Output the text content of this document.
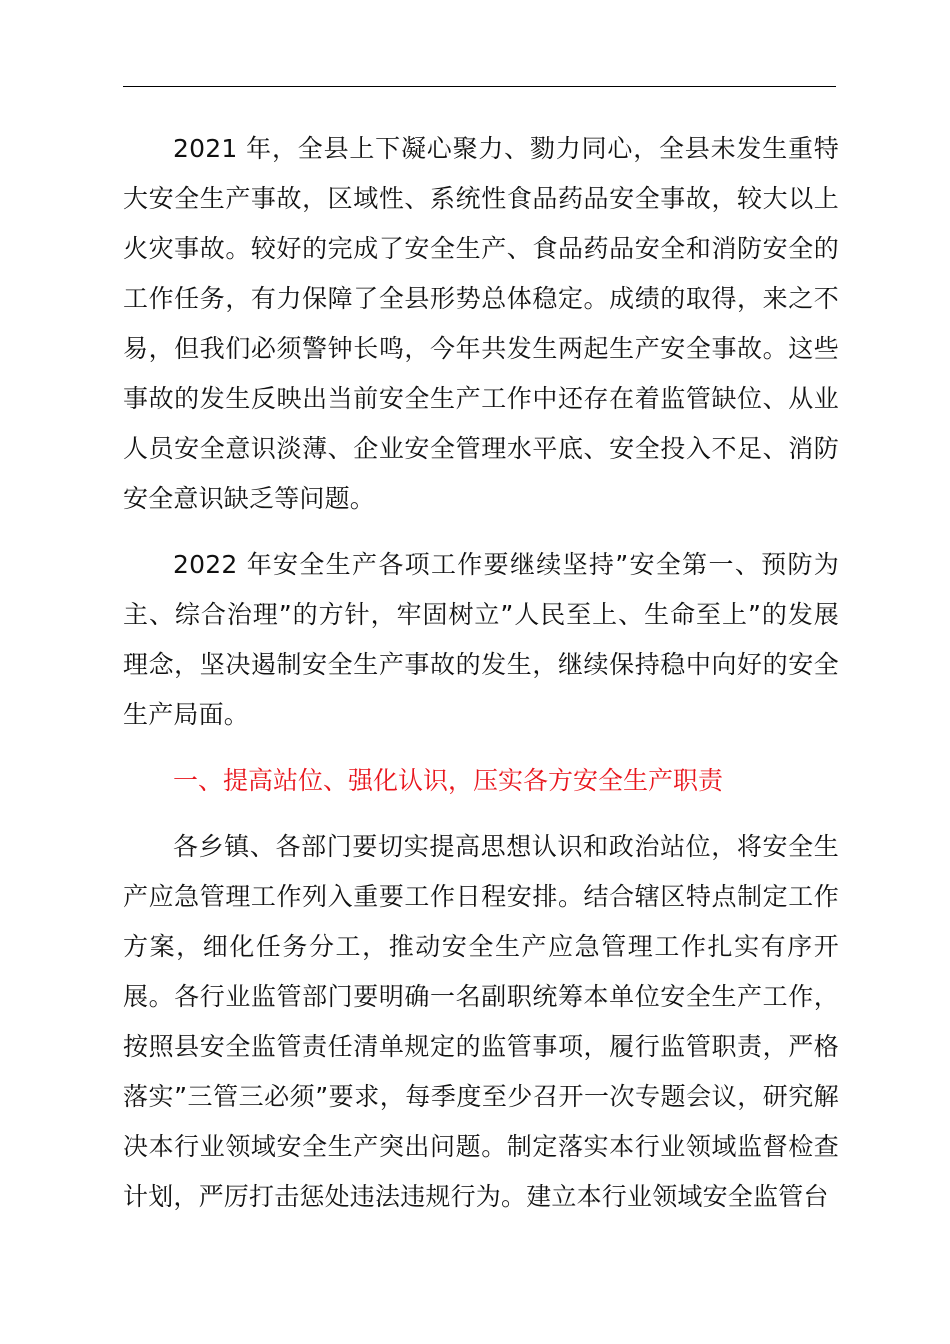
2021 年，全县上下凝心聚力、勠力同心，全县未发生重特大安全生产事故，区域性、系统性食品药品安全事故，较大以上火灾事故。较好的完成了安全生产、食品药品安全和消防安全的工作任务，有力保障了全县形势总体稳定。成绩的取得，来之不易，但我们必须警钟长鸣，今年共发生两起生产安全事故。这些事故的发生反映出当前安全生产工作中还存在着监管缺位、从业人员安全意识淡薄、企业安全管理水平底、安全投入不足、消防安全意识缺乏等问题。

2022 年安全生产各项工作要继续坚持”安全第一、预防为主、综合治理”的方针，牢固树立”人民至上、生命至上”的发展理念，坚决遏制安全生产事故的发生，继续保持稳中向好的安全生产局面。

一、提高站位、强化认识，压实各方安全生产职责

各乡镇、各部门要切实提高思想认识和政治站位，将安全生产应急管理工作列入重要工作日程安排。结合辖区特点制定工作方案，细化任务分工，推动安全生产应急管理工作扎实有序开展。各行业监管部门要明确一名副职统筹本单位安全生产工作，按照县安全监管责任清单规定的监管事项，履行监管职责，严格落实”三管三必须”要求，每季度至少召开一次专题会议，研究解决本行业领域安全生产突出问题。制定落实本行业领域监督检查计划，严厉打击惩处违法违规行为。建立本行业领域安全监管台
